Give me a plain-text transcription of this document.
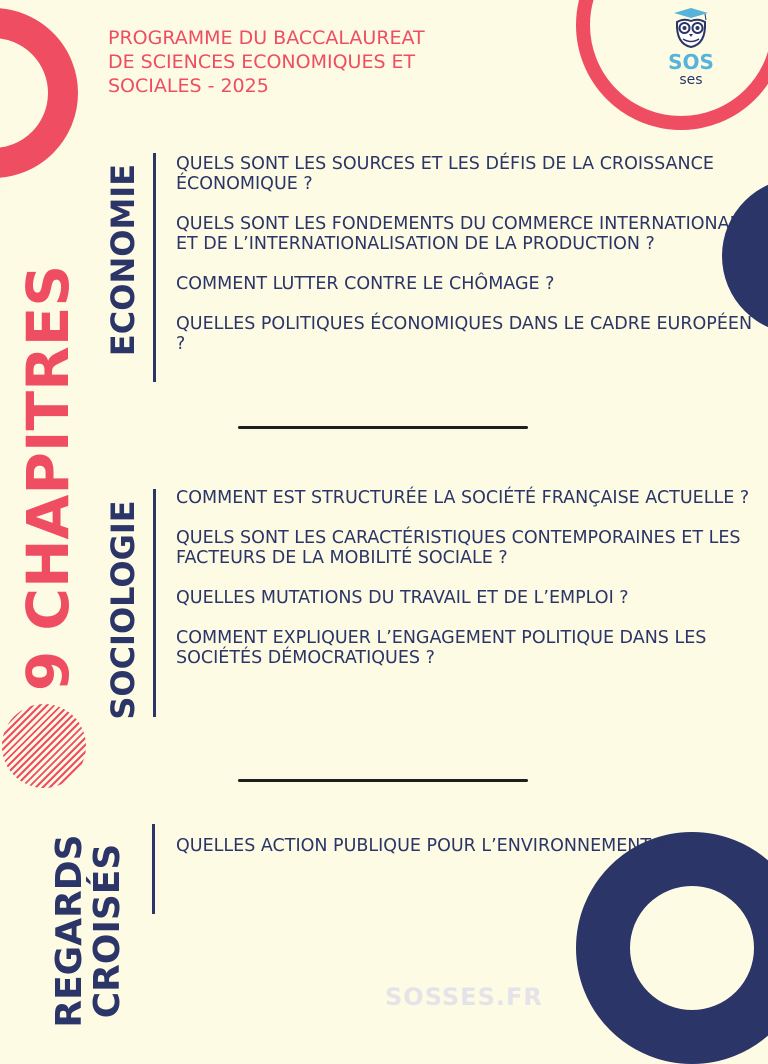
PROGRAMME DU BACCALAUREAT
DE SCIENCES ECONOMIQUES ET
SOCIALES - 2025
SOS
ses
9 CHAPITRES
ECONOMIE QUELS SONT LES SOURCES ET LES DÉFIS DE LA CROISSANCE ÉCONOMIQUE ?
QUELS SONT LES FONDEMENTS DU COMMERCE INTERNATIONAL ET DE L’INTERNATIONALISATION DE LA PRODUCTION ?
COMMENT LUTTER CONTRE LE CHÔMAGE ?
QUELLES POLITIQUES ÉCONOMIQUES DANS LE CADRE EUROPÉEN ?
SOCIOLOGIE
COMMENT EST STRUCTURÉE LA SOCIÉTÉ FRANÇAISE ACTUELLE ?
QUELS SONT LES CARACTÉRISTIQUES CONTEMPORAINES ET LES FACTEURS DE LA MOBILITÉ SOCIALE ?
QUELLES MUTATIONS DU TRAVAIL ET DE L’EMPLOI ?
COMMENT EXPLIQUER L’ENGAGEMENT POLITIQUE DANS LES SOCIÉTÉS DÉMOCRATIQUES ?
REGARDS
CROISÉS	QUELLES ACTION PUBLIQUE POUR L’ENVIRONNEMENT ?
SOSSES.FR
